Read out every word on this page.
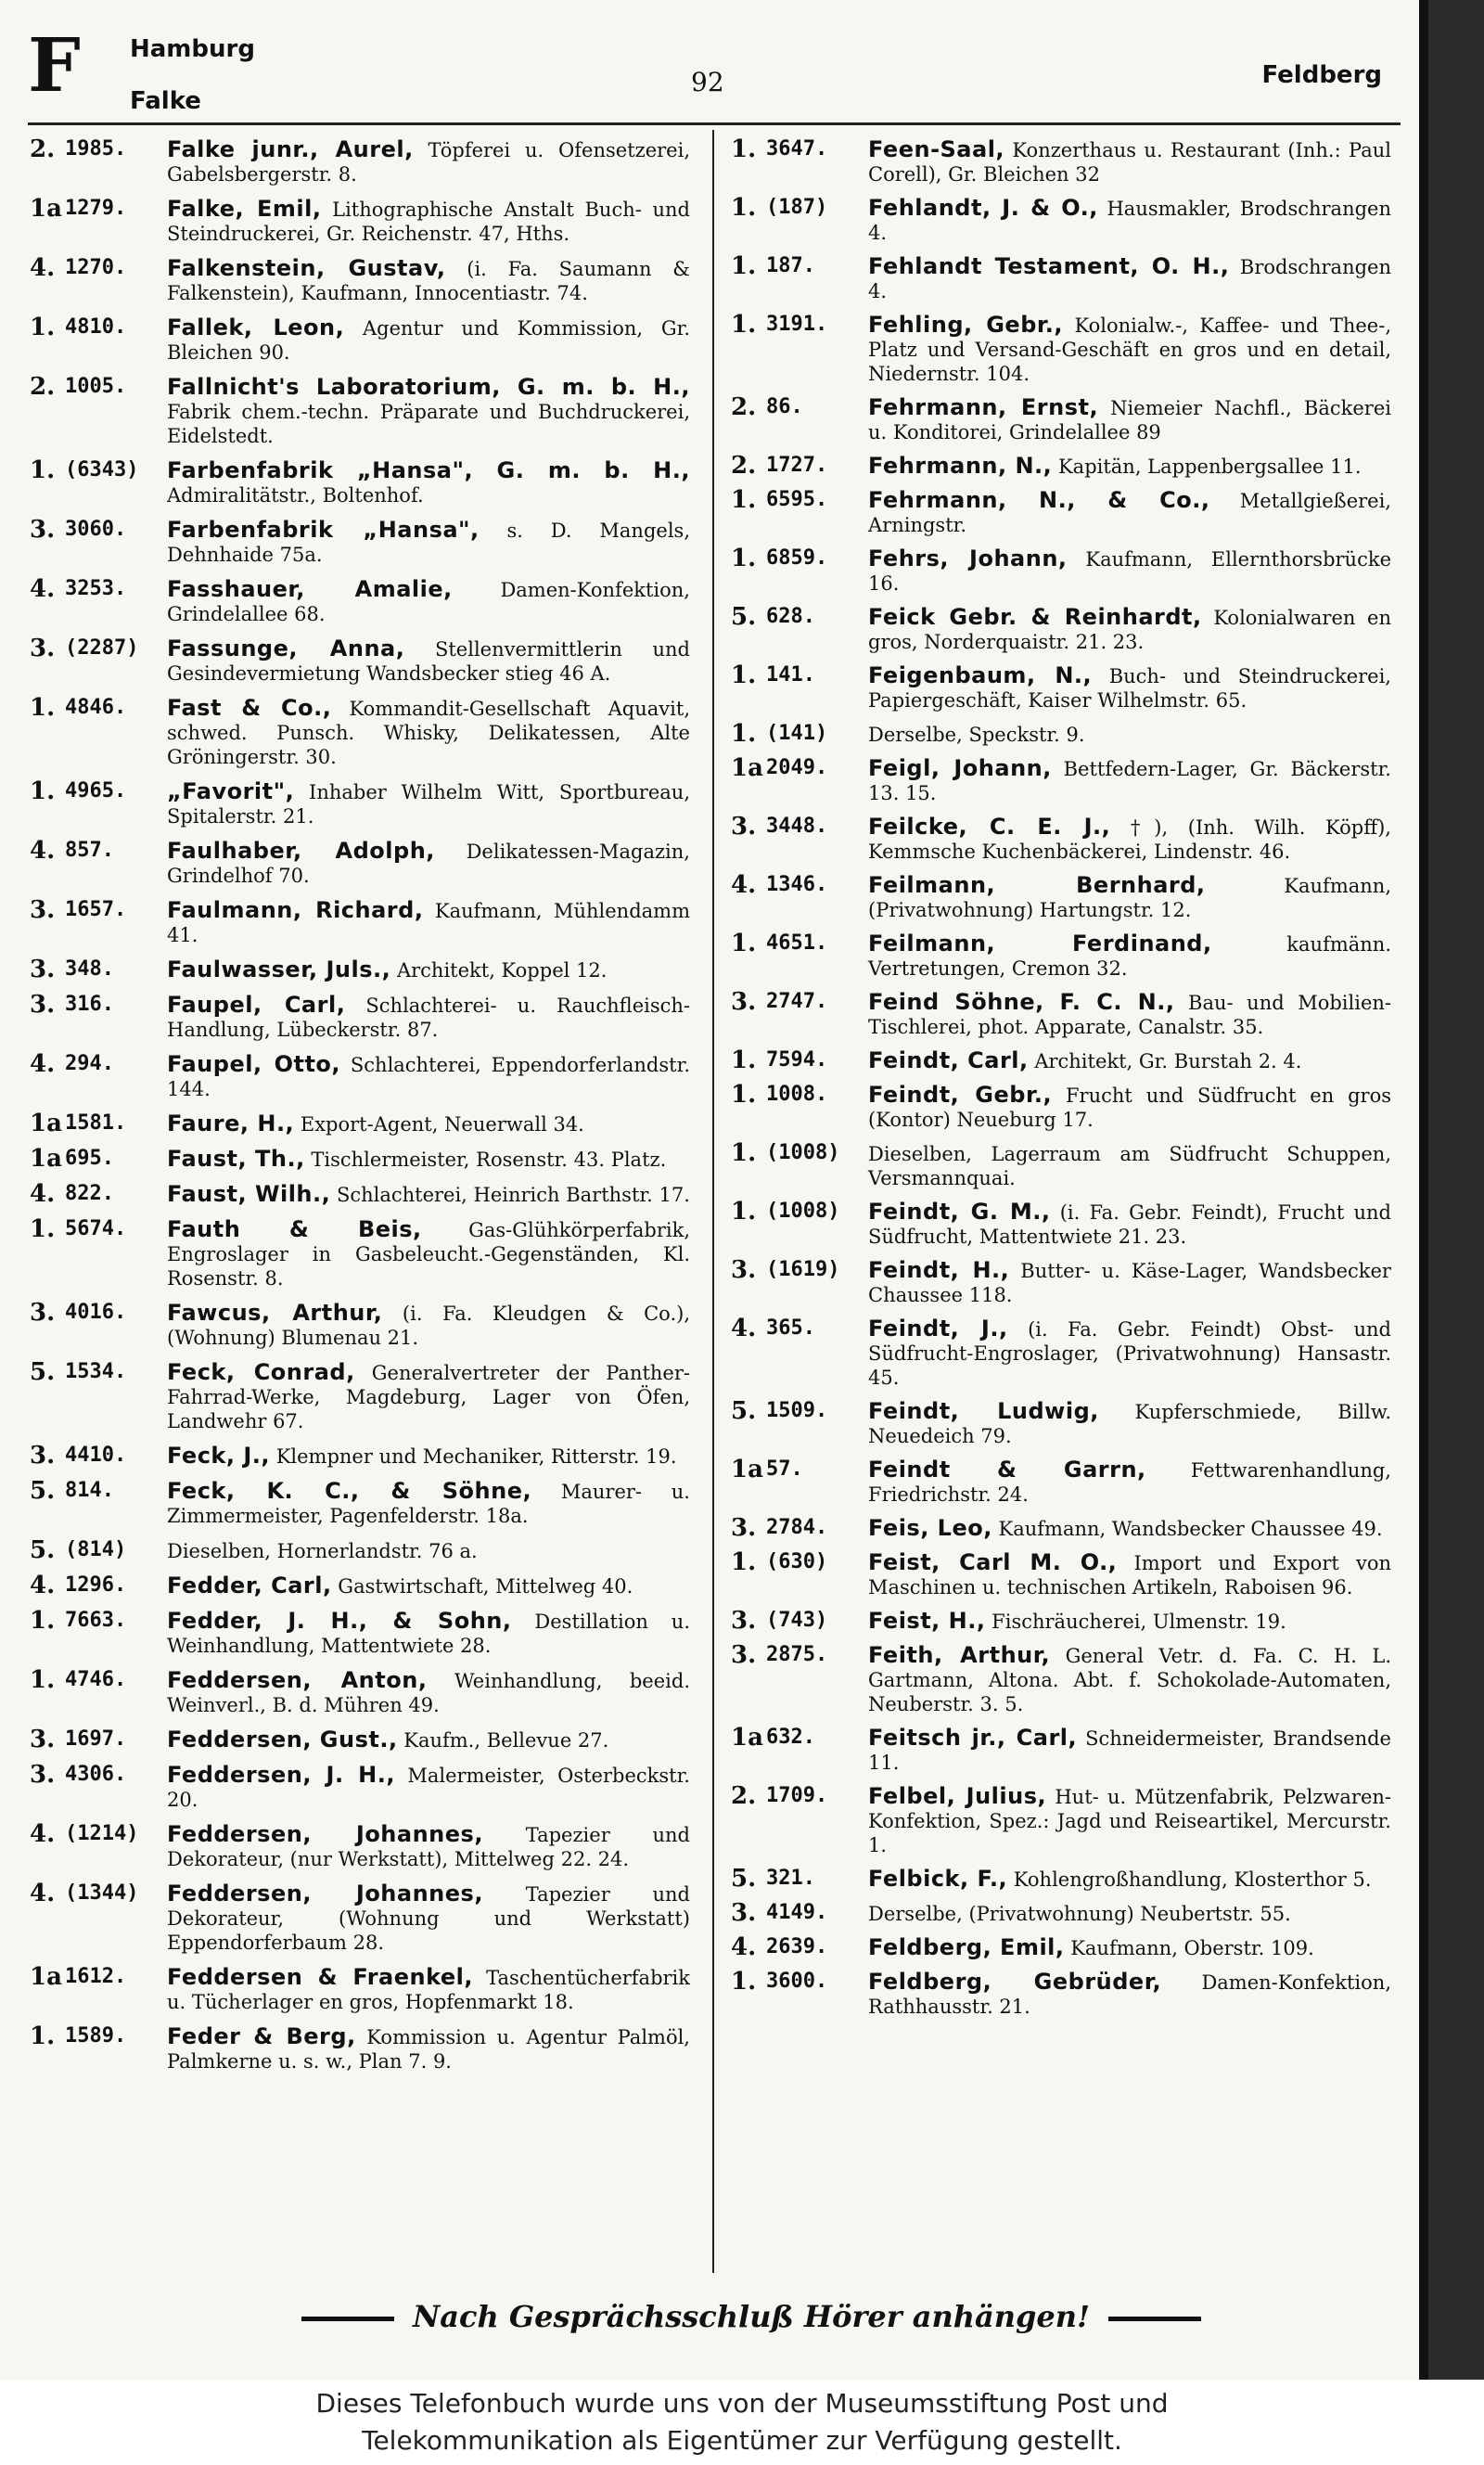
F Hamburg
Falke
92	Feldberg
2. 1985.	Falke junr., Aurel, Töpferei u. Ofensetzerei, Gabelsbergerstr. 8.
1a 1279.	Falke, Emil, Lithographische Anstalt Buch- und Steindruckerei, Gr. Reichenstr. 47, Hths.
4. 1270.	Falkenstein, Gustav, (i. Fa. Saumann & Falkenstein), Kaufmann, Innocentiastr. 74.
1. 4810.	Fallek, Leon, Agentur und Kommission, Gr. Bleichen 90.
2. 1005.	Fallnicht's Laboratorium, G. m. b. H., Fabrik chem.-techn. Präparate und Buchdruckerei, Eidelstedt.
1. (6343)	Farbenfabrik „Hansa", G. m. b. H., Admiralitätstr., Boltenhof.
3. 3060.	Farbenfabrik „Hansa", s. D. Mangels, Dehnhaide 75a.
4. 3253.	Fasshauer, Amalie, Damen-Konfektion, Grindelallee 68.
3. (2287)	Fassunge, Anna, Stellenvermittlerin und Gesindevermietung Wandsbecker stieg 46 A.
1. 4846.	Fast & Co., Kommandit-Gesellschaft Aquavit, schwed. Punsch. Whisky, Delikatessen, Alte Gröningerstr. 30.
1. 4965.	„Favorit", Inhaber Wilhelm Witt, Sportbureau, Spitalerstr. 21.
4. 857.	Faulhaber, Adolph, Delikatessen-Magazin, Grindelhof 70.
3. 1657.	Faulmann, Richard, Kaufmann, Mühlendamm 41.
3. 348.	Faulwasser, Juls., Architekt, Koppel 12.
3. 316.	Faupel, Carl, Schlachterei- u. Rauchfleisch-Handlung, Lübeckerstr. 87.
4. 294.	Faupel, Otto, Schlachterei, Eppendorferlandstr. 144.
1a 1581.	Faure, H., Export-Agent, Neuerwall 34.
1a 695.	Faust, Th., Tischlermeister, Rosenstr. 43. Platz.
4. 822.	Faust, Wilh., Schlachterei, Heinrich Barthstr. 17.
1. 5674.	Fauth & Beis, Gas-Glühkörperfabrik, Engroslager in Gasbeleucht.-Gegenständen, Kl. Rosenstr. 8.
3. 4016.	Fawcus, Arthur, (i. Fa. Kleudgen & Co.), (Wohnung) Blumenau 21.
5. 1534.	Feck, Conrad, Generalvertreter der Panther-Fahrrad-Werke, Magdeburg, Lager von Öfen, Landwehr 67.
3. 4410.	Feck, J., Klempner und Mechaniker, Ritterstr. 19.
5. 814.	Feck, K. C., & Söhne, Maurer- u. Zimmermeister, Pagenfelderstr. 18a.
5. (814)	Dieselben, Hornerlandstr. 76 a.
4. 1296.	Fedder, Carl, Gastwirtschaft, Mittelweg 40.
1. 7663.	Fedder, J. H., & Sohn, Destillation u. Weinhandlung, Mattentwiete 28.
1. 4746.	Feddersen, Anton, Weinhandlung, beeid. Weinverl., B. d. Mühren 49.
3. 1697.	Feddersen, Gust., Kaufm., Bellevue 27.
3. 4306.	Feddersen, J. H., Malermeister, Osterbeckstr. 20.
4. (1214)	Feddersen, Johannes, Tapezier und Dekorateur, (nur Werkstatt), Mittelweg 22. 24.
4. (1344)	Feddersen, Johannes, Tapezier und Dekorateur, (Wohnung und Werkstatt) Eppendorferbaum 28.
1a 1612.	Feddersen & Fraenkel, Taschentücherfabrik u. Tücherlager en gros, Hopfenmarkt 18.
1. 1589.	Feder & Berg, Kommission u. Agentur Palmöl, Palmkerne u. s. w., Plan 7. 9.
1. 3647.	Feen-Saal, Konzerthaus u. Restaurant (Inh.: Paul Corell), Gr. Bleichen 32
1. (187)	Fehlandt, J. & O., Hausmakler, Brodschrangen 4.
1. 187.	Fehlandt Testament, O. H., Brodschrangen 4.
1. 3191.	Fehling, Gebr., Kolonialw.-, Kaffee- und Thee-, Platz und Versand-Geschäft en gros und en detail, Niedernstr. 104.
2. 86.	Fehrmann, Ernst, Niemeier Nachfl., Bäckerei u. Konditorei, Grindelallee 89
2. 1727.	Fehrmann, N., Kapitän, Lappenbergsallee 11.
1. 6595.	Fehrmann, N., & Co., Metallgießerei, Arningstr.
1. 6859.	Fehrs, Johann, Kaufmann, Ellernthorsbrücke 16.
5. 628.	Feick Gebr. & Reinhardt, Kolonialwaren en gros, Norderquaistr. 21. 23.
1. 141.	Feigenbaum, N., Buch- und Steindruckerei, Papiergeschäft, Kaiser Wilhelmstr. 65.
1. (141)	Derselbe, Speckstr. 9.
1a 2049.	Feigl, Johann, Bettfedern-Lager, Gr. Bäckerstr. 13. 15.
3. 3448.	Feilcke, C. E. J., †), (Inh. Wilh. Köpff), Kemmsche Kuchenbäckerei, Lindenstr. 46.
4. 1346.	Feilmann, Bernhard,	Kaufmann, (Privatwohnung) Hartungstr. 12.
1. 4651.	Feilmann, Ferdinand,	kaufmänn. Vertretungen, Cremon 32.
3. 2747.	Feind Söhne, F. C. N., Bau- und Mobilien-Tischlerei, phot. Apparate, Canalstr. 35.
1. 7594.	Feindt, Carl, Architekt, Gr. Burstah 2. 4.
1. 1008.	Feindt, Gebr., Frucht und Südfrucht en gros (Kontor) Neueburg 17.
1. (1008)	Dieselben, Lagerraum am Südfrucht Schuppen, Versmannquai.
1. (1008)	Feindt, G. M., (i. Fa. Gebr. Feindt), Frucht und Südfrucht, Mattentwiete 21. 23.
3. (1619)	Feindt, H., Butter- u. Käse-Lager, Wandsbecker Chaussee 118.
4. 365.	Feindt, J., (i. Fa. Gebr. Feindt) Obst- und Südfrucht-Engroslager, (Privatwohnung) Hansastr. 45.
5. 1509.	Feindt, Ludwig, Kupferschmiede, Billw. Neuedeich 79.
1a 57.	Feindt & Garrn, Fettwarenhandlung, Friedrichstr. 24.
3. 2784.	Feis, Leo, Kaufmann, Wandsbecker Chaussee 49.
1. (630)	Feist, Carl M. O., Import und Export von Maschinen u. technischen Artikeln, Raboisen 96.
3. (743)	Feist, H., Fischräucherei, Ulmenstr. 19.
3. 2875.	Feith, Arthur, General Vetr. d. Fa. C. H. L. Gartmann, Altona. Abt. f. Schokolade-Automaten, Neuberstr. 3. 5.
1a 632.	Feitsch jr., Carl, Schneidermeister, Brandsende 11.
2. 1709.	Felbel, Julius, Hut- u. Mützenfabrik, Pelzwaren-Konfektion, Spez.: Jagd und Reiseartikel, Mercurstr. 1.
5. 321.	Felbick, F., Kohlengroßhandlung, Klosterthor 5.
3. 4149.	Derselbe, (Privatwohnung) Neubertstr. 55.
4. 2639.	Feldberg, Emil, Kaufmann, Oberstr. 109.
1. 3600.	Feldberg, Gebrüder, Damen-Konfektion, Rathhausstr. 21.
Nach Gesprächsschluß Hörer anhängen!
Dieses Telefonbuch wurde uns von der Museumsstiftung Post und
Telekommunikation als Eigentümer zur Verfügung gestellt.
